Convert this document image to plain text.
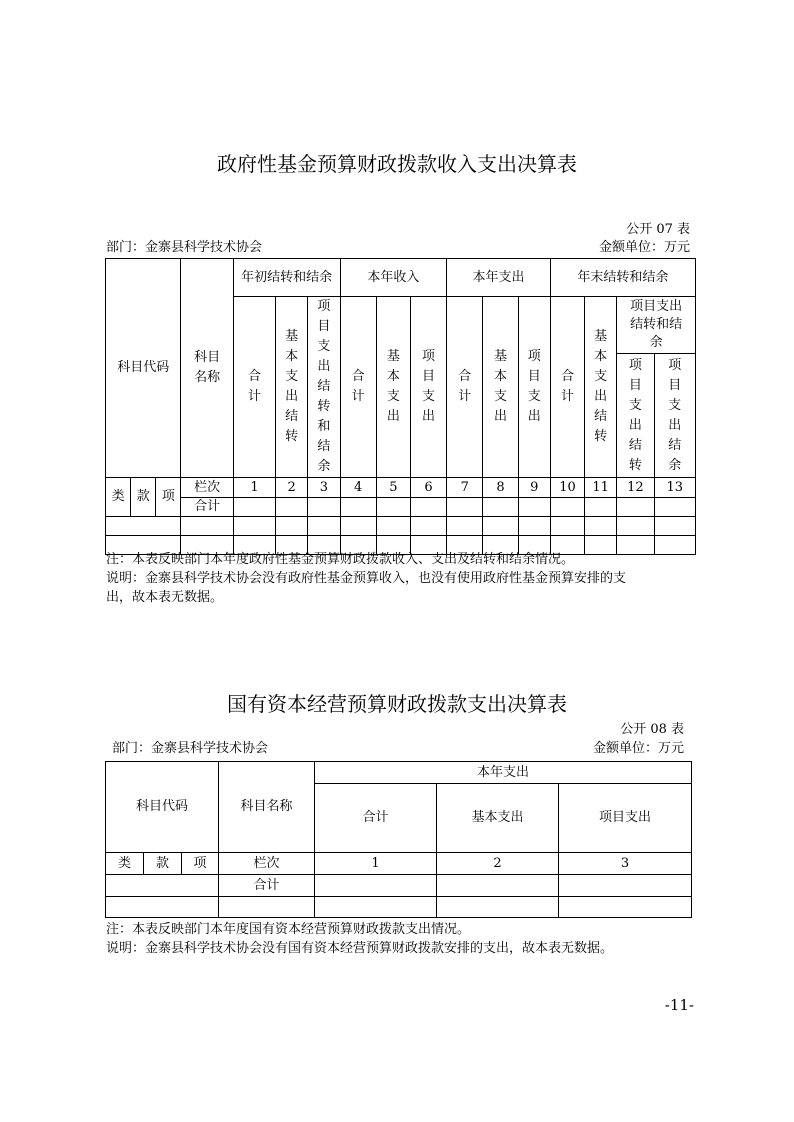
政府性基金预算财政拨款收入支出决算表
公开 07 表
部门：金寨县科学技术协会	金额单位：万元
科目代码			科目名称	年初结转和结余			本年收入			本年支出			年末结转和结余			
				合计	基本支出结转	项目支出结转和结余	合计	基本支出	项目支出	合计	基本支出	项目支出	合计	基本支出结转	项目支出结转和结余	
															项目支出结转	项目支出结余
类	款	项	栏次	1	2	3	4	5	6	7	8	9	10	11	12	13
			合计													

注：本表反映部门本年度政府性基金预算财政拨款收入、支出及结转和结余情况。
说明：金寨县科学技术协会没有政府性基金预算收入，也没有使用政府性基金预算安排的支
出，故本表无数据。
国有资本经营预算财政拨款支出决算表
公开 08 表
部门：金寨县科学技术协会	金额单位：万元
科目代码			科目名称	本年支出		
				合计	基本支出	项目支出
类	款	项	栏次	1	2	3
			合计			

注：本表反映部门本年度国有资本经营预算财政拨款支出情况。
说明：金寨县科学技术协会没有国有资本经营预算财政拨款安排的支出，故本表无数据。
-11-
